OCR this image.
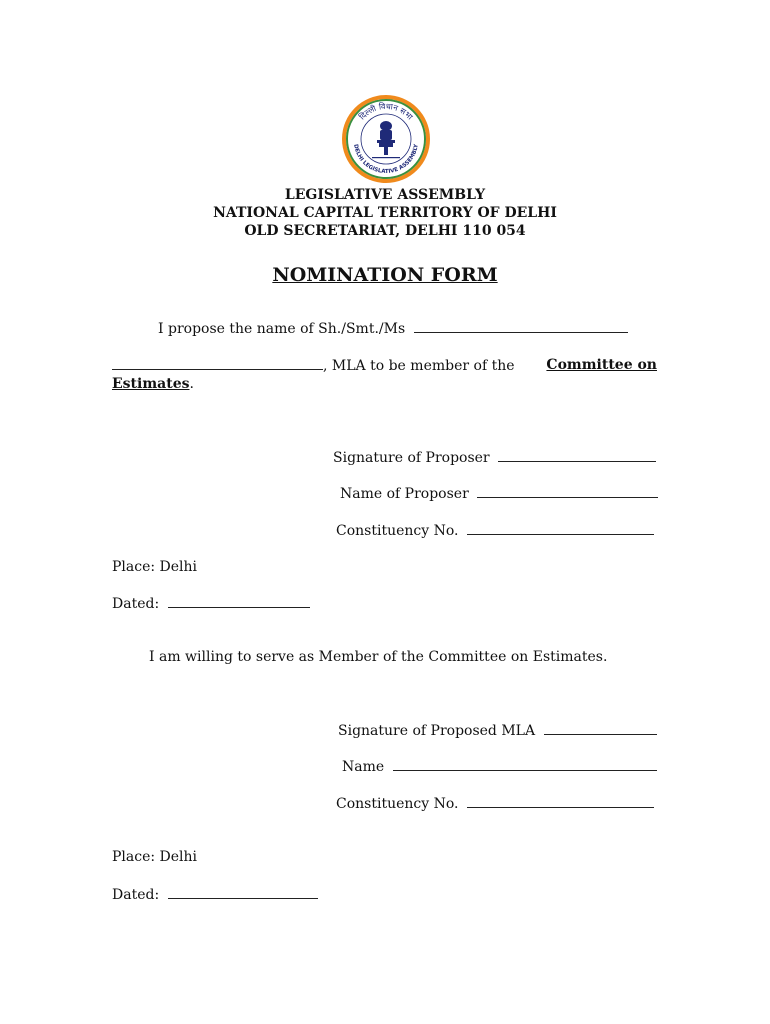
दिल्ली विधान सभा
DELHI LEGISLATIVE ASSEMBLY
LEGISLATIVE ASSEMBLY
NATIONAL CAPITAL TERRITORY OF DELHI
OLD SECRETARIAT, DELHI 110 054
NOMINATION FORM
I propose the name of Sh./Smt./Ms
, MLA to be member of the Committee on
Estimates.
Signature of Proposer
Name of Proposer
Constituency No.
Place: Delhi
Dated:
I am willing to serve as Member of the Committee on Estimates.
Signature of Proposed MLA
Name
Constituency No.
Place: Delhi
Dated:
